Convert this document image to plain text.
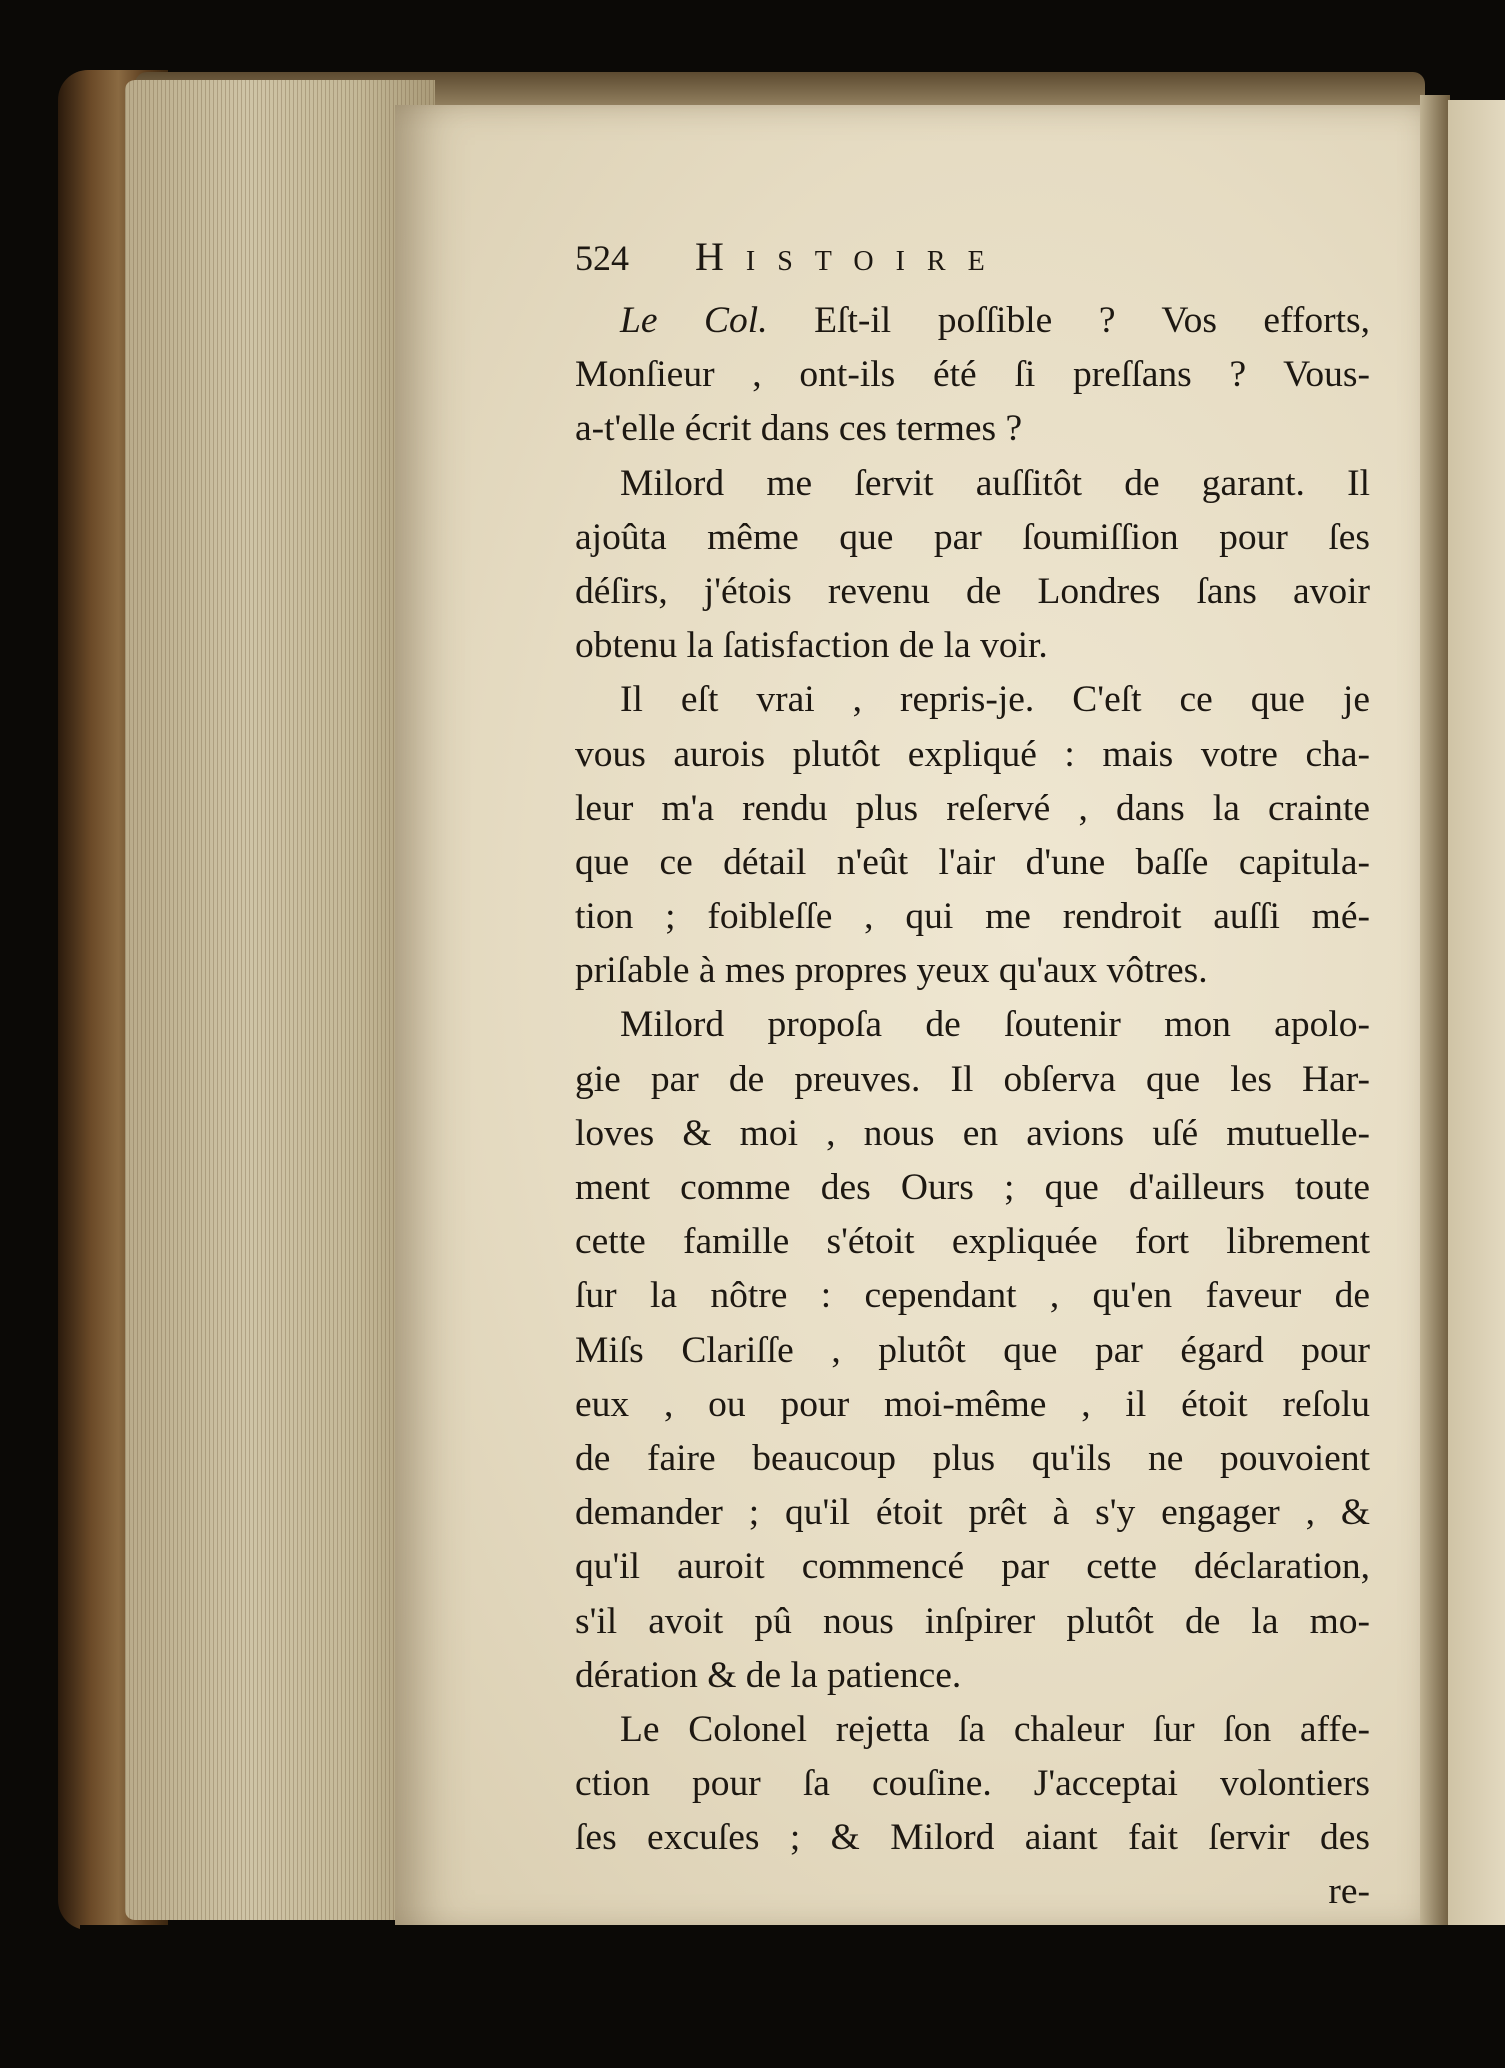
524	Histoire
Le Col. Eſt-il poſſible ? Vos efforts,
Monſieur , ont-ils été ſi preſſans ? Vous-
a-t'elle écrit dans ces termes ?
Milord me ſervit auſſitôt de garant. Il
ajoûta même que par ſoumiſſion pour ſes
déſirs, j'étois revenu de Londres ſans avoir
obtenu la ſatisfaction de la voir.
Il eſt vrai , repris-je. C'eſt ce que je
vous aurois plutôt expliqué : mais votre cha-
leur m'a rendu plus reſervé , dans la crainte
que ce détail n'eût l'air d'une baſſe capitula-
tion ; foibleſſe , qui me rendroit auſſi mé-
priſable à mes propres yeux qu'aux vôtres.
Milord propoſa de ſoutenir mon apolo-
gie par de preuves. Il obſerva que les Har-
loves & moi , nous en avions uſé mutuelle-
ment comme des Ours ; que d'ailleurs toute
cette famille s'étoit expliquée fort librement
ſur la nôtre : cependant , qu'en faveur de
Miſs Clariſſe , plutôt que par égard pour
eux , ou pour moi-même , il étoit reſolu
de faire beaucoup plus qu'ils ne pouvoient
demander ; qu'il étoit prêt à s'y engager , &
qu'il auroit commencé par cette déclaration,
s'il avoit pû nous inſpirer plutôt de la mo-
dération & de la patience.
Le Colonel rejetta ſa chaleur ſur ſon affe-
ction pour ſa couſine. J'acceptai volontiers
ſes excuſes ; & Milord aiant fait ſervir des
re-
